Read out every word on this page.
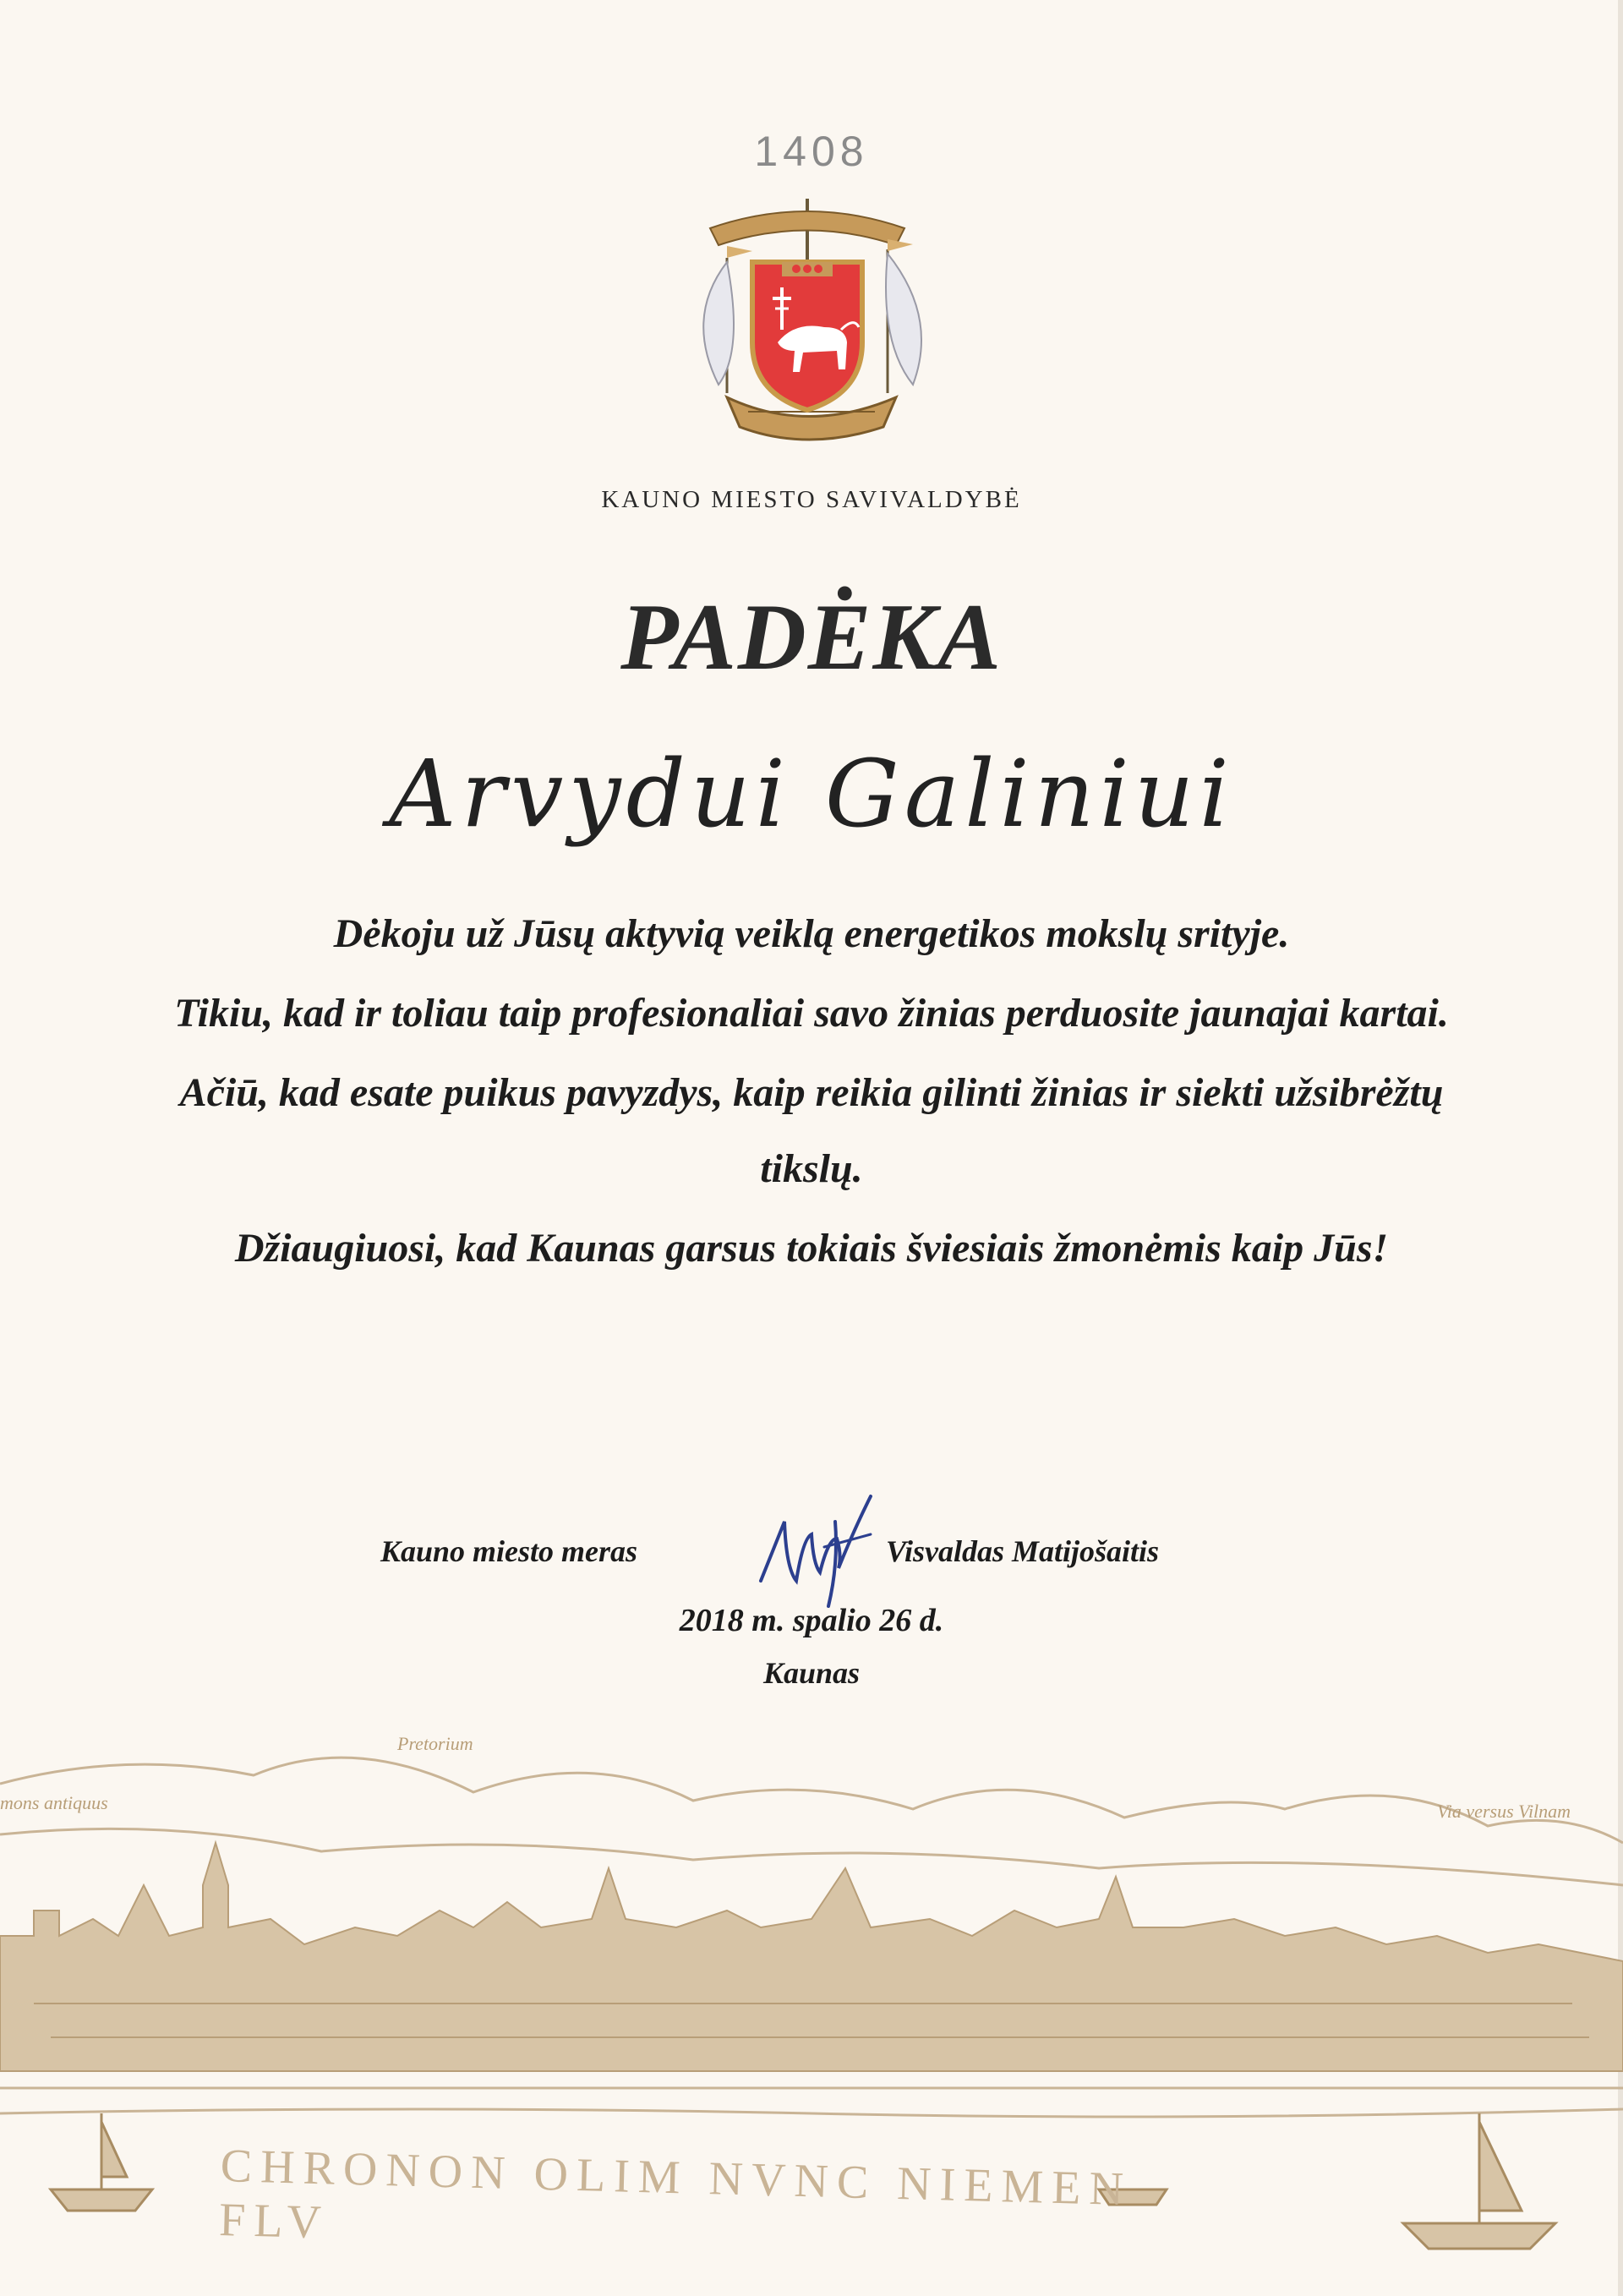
1408
KAUNO MIESTO SAVIVALDYBĖ
PADĖKA
Arvydui Galiniui

Dėkoju už Jūsų aktyvią veiklą energetikos mokslų srityje.

Tikiu, kad ir toliau taip profesionaliai savo žinias perduosite jaunajai kartai.

Ačiū, kad esate puikus pavyzdys, kaip reikia gilinti žinias ir siekti užsibrėžtų tikslų.

Džiaugiuosi, kad Kaunas garsus tokiais šviesiais žmonėmis kaip Jūs!

Kauno miesto meras	Visvaldas Matijošaitis
2018 m. spalio 26 d.
Kaunas
Pretorium
mons antiquus	Via versus Vilnam
CHRONON OLIM NVNC NIEMEN FLV
